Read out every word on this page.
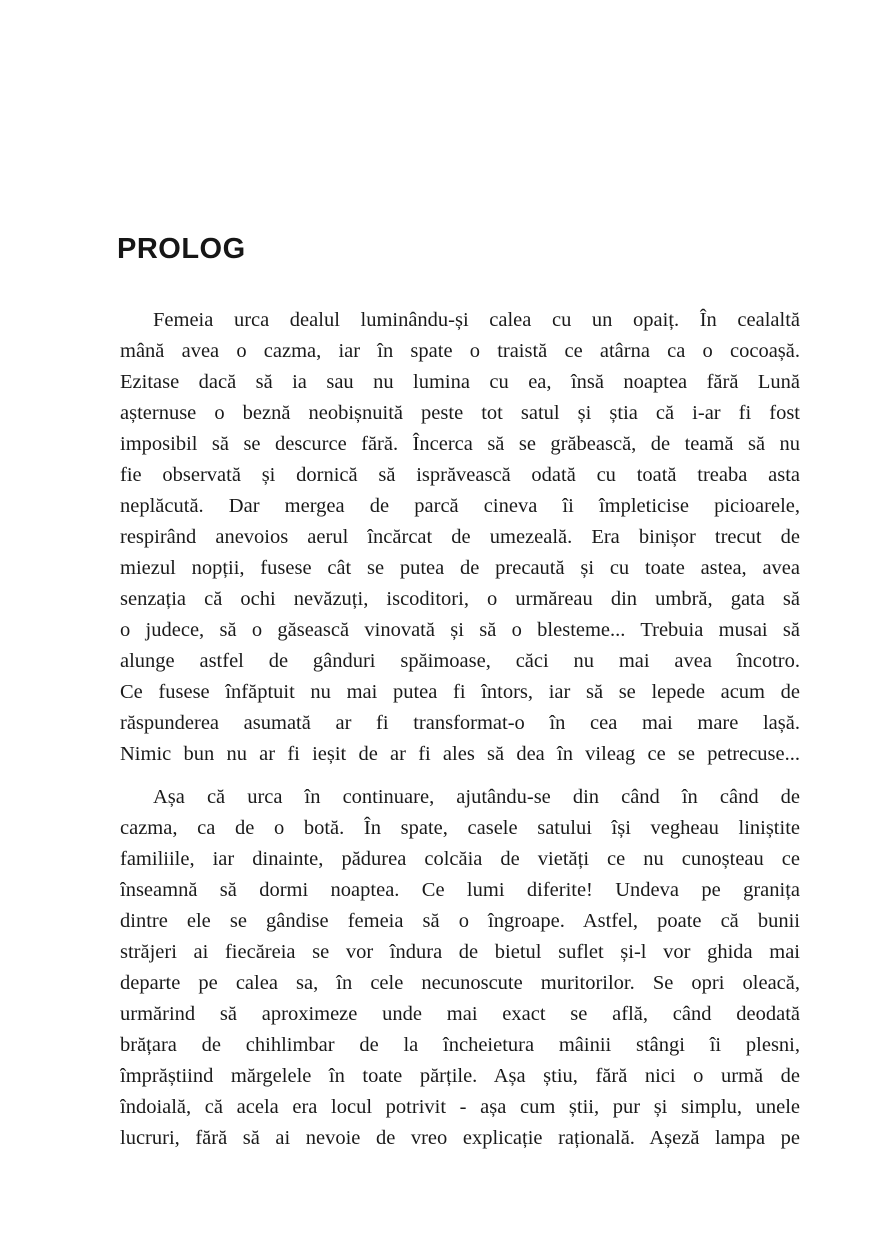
PROLOG
Femeia urca dealul luminându-și calea cu un opaiț. În cealaltă
mână avea o cazma, iar în spate o traistă ce atârna ca o cocoașă.
Ezitase dacă să ia sau nu lumina cu ea, însă noaptea fără Lună
așternuse o beznă neobișnuită peste tot satul și știa că i-ar fi fost
imposibil să se descurce fără. Încerca să se grăbească, de teamă să nu
fie observată și dornică să isprăvească odată cu toată treaba asta
neplăcută. Dar mergea de parcă cineva îi împleticise picioarele,
respirând anevoios aerul încărcat de umezeală. Era binișor trecut de
miezul nopții, fusese cât se putea de precaută și cu toate astea, avea
senzația că ochi nevăzuți, iscoditori, o urmăreau din umbră, gata să
o judece, să o găsească vinovată și să o blesteme... Trebuia musai să
alunge astfel de gânduri spăimoase, căci nu mai avea încotro.
Ce fusese înfăptuit nu mai putea fi întors, iar să se lepede acum de
răspunderea asumată ar fi transformat-o în cea mai mare lașă.
Nimic bun nu ar fi ieșit de ar fi ales să dea în vileag ce se petrecuse...
Așa că urca în continuare, ajutându-se din când în când de
cazma, ca de o botă. În spate, casele satului își vegheau liniștite
familiile, iar dinainte, pădurea colcăia de vietăți ce nu cunoșteau ce
înseamnă să dormi noaptea. Ce lumi diferite! Undeva pe granița
dintre ele se gândise femeia să o îngroape. Astfel, poate că bunii
străjeri ai fiecăreia se vor îndura de bietul suflet și-l vor ghida mai
departe pe calea sa, în cele necunoscute muritorilor. Se opri oleacă,
urmărind să aproximeze unde mai exact se află, când deodată
brățara de chihlimbar de la încheietura mâinii stângi îi plesni,
împrăștiind mărgelele în toate părțile. Așa știu, fără nici o urmă de
îndoială, că acela era locul potrivit - așa cum știi, pur și simplu, unele
lucruri, fără să ai nevoie de vreo explicație rațională. Așeză lampa pe
